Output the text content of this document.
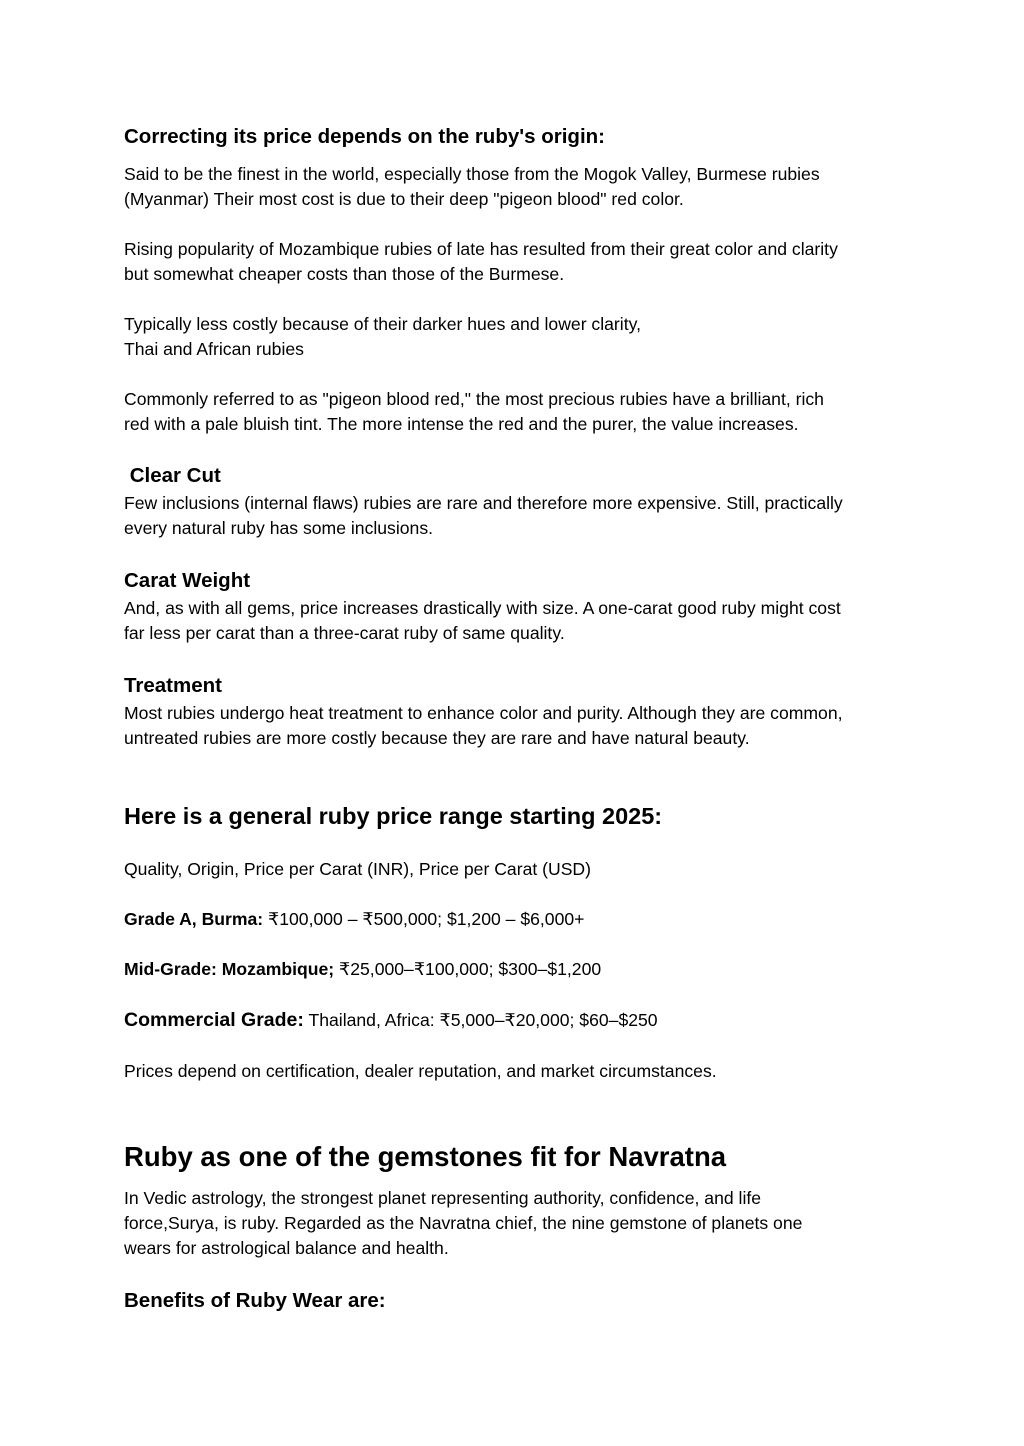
Correcting its price depends on the ruby's origin:

Said to be the finest in the world, especially those from the Mogok Valley, Burmese rubies
(Myanmar) Their most cost is due to their deep "pigeon blood" red color.

Rising popularity of Mozambique rubies of late has resulted from their great color and clarity
but somewhat cheaper costs than those of the Burmese.

Typically less costly because of their darker hues and lower clarity,
Thai and African rubies

Commonly referred to as "pigeon blood red," the most precious rubies have a brilliant, rich
red with a pale bluish tint. The more intense the red and the purer, the value increases.

Clear Cut

Few inclusions (internal flaws) rubies are rare and therefore more expensive. Still, practically
every natural ruby has some inclusions.

Carat Weight

And, as with all gems, price increases drastically with size. A one-carat good ruby might cost
far less per carat than a three-carat ruby of same quality.

Treatment

Most rubies undergo heat treatment to enhance color and purity. Although they are common,
untreated rubies are more costly because they are rare and have natural beauty.

Here is a general ruby price range starting 2025:

Quality, Origin, Price per Carat (INR), Price per Carat (USD)

Grade A, Burma: ₹100,000 – ₹500,000; $1,200 – $6,000+

Mid-Grade: Mozambique; ₹25,000–₹100,000; $300–$1,200

Commercial Grade: Thailand, Africa: ₹5,000–₹20,000; $60–$250

Prices depend on certification, dealer reputation, and market circumstances.

Ruby as one of the gemstones fit for Navratna

In Vedic astrology, the strongest planet representing authority, confidence, and life
force,Surya, is ruby. Regarded as the Navratna chief, the nine gemstone of planets one
wears for astrological balance and health.

Benefits of Ruby Wear are:
